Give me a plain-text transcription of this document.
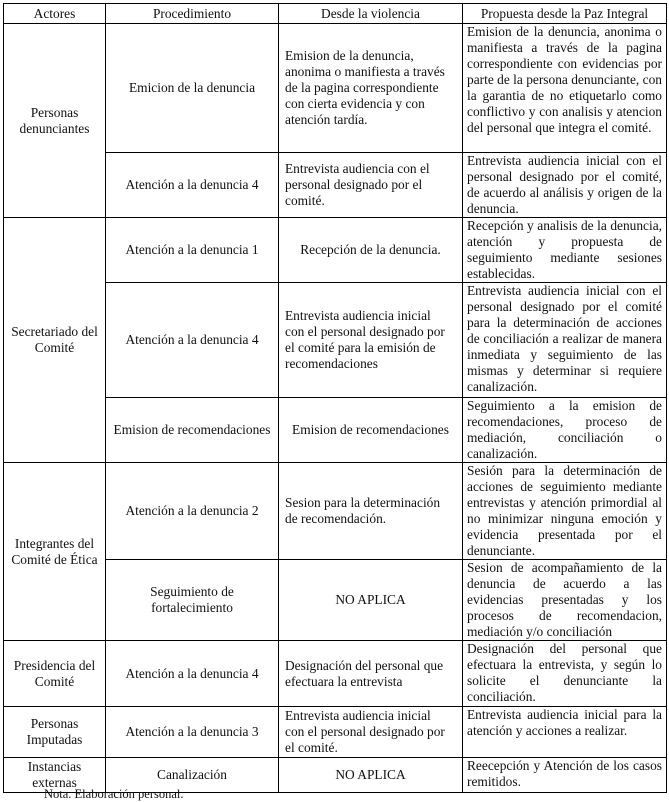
Actores	Procedimiento	Desde la violencia	Propuesta desde la Paz Integral
Personas denunciantes	Emicion de la denuncia	Emision de la denuncia, anonima o manifiesta a través de la pagina correspondiente con cierta evidencia y con atención tardía.	Emision de la denuncia, anonima o manifiesta a través de la pagina correspondiente con evidencias por parte de la persona denunciante, con la garantia de no etiquetarlo como conflictivo y con analisis y atencion del personal que integra el comité.
	Atención a la denuncia 4	Entrevista audiencia con el personal designado por el comité.	Entrevista audiencia inicial con el personal designado por el comité, de acuerdo al análisis y origen de la denuncia.
Secretariado del Comité	Atención a la denuncia 1	Recepción de la denuncia.	Recepción y analisis de la denuncia, atención y propuesta de seguimiento mediante sesiones establecidas.
	Atención a la denuncia 4	Entrevista audiencia inicial con el personal designado por el comité para la emisión de recomendaciones	Entrevista audiencia inicial con el personal designado por el comité para la determinación de acciones de conciliación a realizar de manera inmediata y seguimiento de las mismas y determinar si requiere canalización.
	Emision de recomendaciones	Emision de recomendaciones	Seguimiento a la emision de recomendaciones, proceso de mediación, conciliación o canalización.
Integrantes del Comité de Ética	Atención a la denuncia 2	Sesion para la determinación de recomendación.	Sesión para la determinación de acciones de seguimiento mediante entrevistas y atención primordial al no minimizar ninguna emoción y evidencia presentada por el denunciante.
	Seguimiento de fortalecimiento	NO APLICA	Sesion de acompañamiento de la denuncia de acuerdo a las evidencias presentadas y los procesos de recomendacion, mediación y/o conciliación
Presidencia del Comité	Atención a la denuncia 4	Designación del personal que efectuara la entrevista	Designación del personal que efectuara la entrevista, y según lo solicite el denunciante la conciliación.
Personas Imputadas	Atención a la denuncia 3	Entrevista audiencia inicial con el personal designado por el comité.	Entrevista audiencia inicial para la atención y acciones a realizar.
Instancias externas	Canalización	NO APLICA	Reecepción y Atención de los casos remitidos.
Nota. Elaboración personal.
